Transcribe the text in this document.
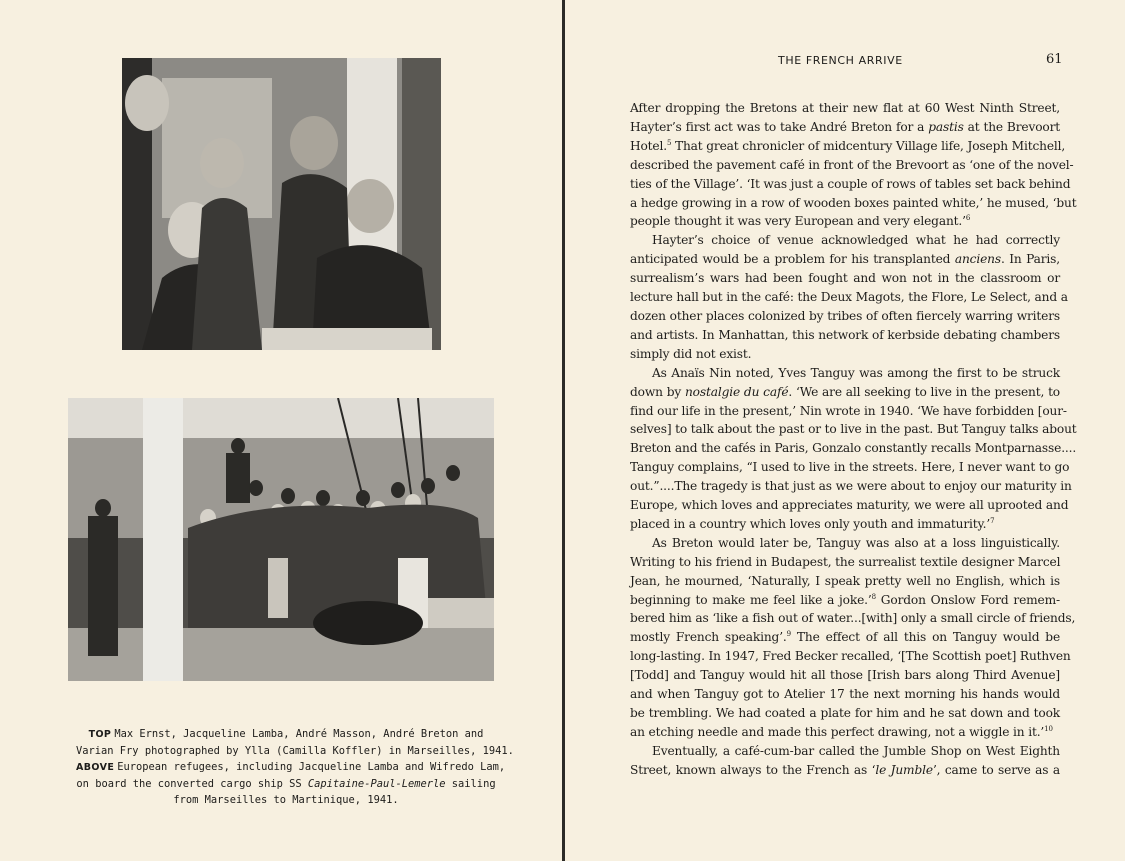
TOP Max Ernst, Jacqueline Lamba, André Masson, André Breton and
Varian Fry photographed by Ylla (Camilla Koffler) in Marseilles, 1941.
ABOVE European refugees, including Jacqueline Lamba and Wifredo Lam,
on board the converted cargo ship SS Capitaine-Paul-Lemerle sailing
from Marseilles to Martinique, 1941.
THE FRENCH ARRIVE	61
After dropping the Bretons at their new flat at 60 West Ninth Street,
Hayter’s first act was to take André Breton for a pastis at the Brevoort
Hotel.$^5$ That great chronicler of midcentury Village life, Joseph Mitchell,
described the pavement café in front of the Brevoort as ‘one of the novel-
ties of the Village’. ‘It was just a couple of rows of tables set back behind
a hedge growing in a row of wooden boxes painted white,’ he mused, ‘but
people thought it was very European and very elegant.’$^6$
Hayter’s choice of venue acknowledged what he had correctly
anticipated would be a problem for his transplanted anciens. In Paris,
surrealism’s wars had been fought and won not in the classroom or
lecture hall but in the café: the Deux Magots, the Flore, Le Select, and a
dozen other places colonized by tribes of often fiercely warring writers
and artists. In Manhattan, this network of kerbside debating chambers
simply did not exist.
As Anaïs Nin noted, Yves Tanguy was among the first to be struck
down by nostalgie du café. ‘We are all seeking to live in the present, to
find our life in the present,’ Nin wrote in 1940. ‘We have forbidden [our-
selves] to talk about the past or to live in the past. But Tanguy talks about
Breton and the cafés in Paris, Gonzalo constantly recalls Montparnasse....
Tanguy complains, “I used to live in the streets. Here, I never want to go
out.”....The tragedy is that just as we were about to enjoy our maturity in
Europe, which loves and appreciates maturity, we were all uprooted and
placed in a country which loves only youth and immaturity.’$^7$
As Breton would later be, Tanguy was also at a loss linguistically.
Writing to his friend in Budapest, the surrealist textile designer Marcel
Jean, he mourned, ‘Naturally, I speak pretty well no English, which is
beginning to make me feel like a joke.’$^8$ Gordon Onslow Ford remem-
bered him as ‘like a fish out of water...[with] only a small circle of friends,
mostly French speaking’.$^9$ The effect of all this on Tanguy would be
long-lasting. In 1947, Fred Becker recalled, ‘[The Scottish poet] Ruthven
[Todd] and Tanguy would hit all those [Irish bars along Third Avenue]
and when Tanguy got to Atelier 17 the next morning his hands would
be trembling. We had coated a plate for him and he sat down and took
an etching needle and made this perfect drawing, not a wiggle in it.’$^{10}$
Eventually, a café-cum-bar called the Jumble Shop on West Eighth
Street, known always to the French as ‘le Jumble’, came to serve as a
